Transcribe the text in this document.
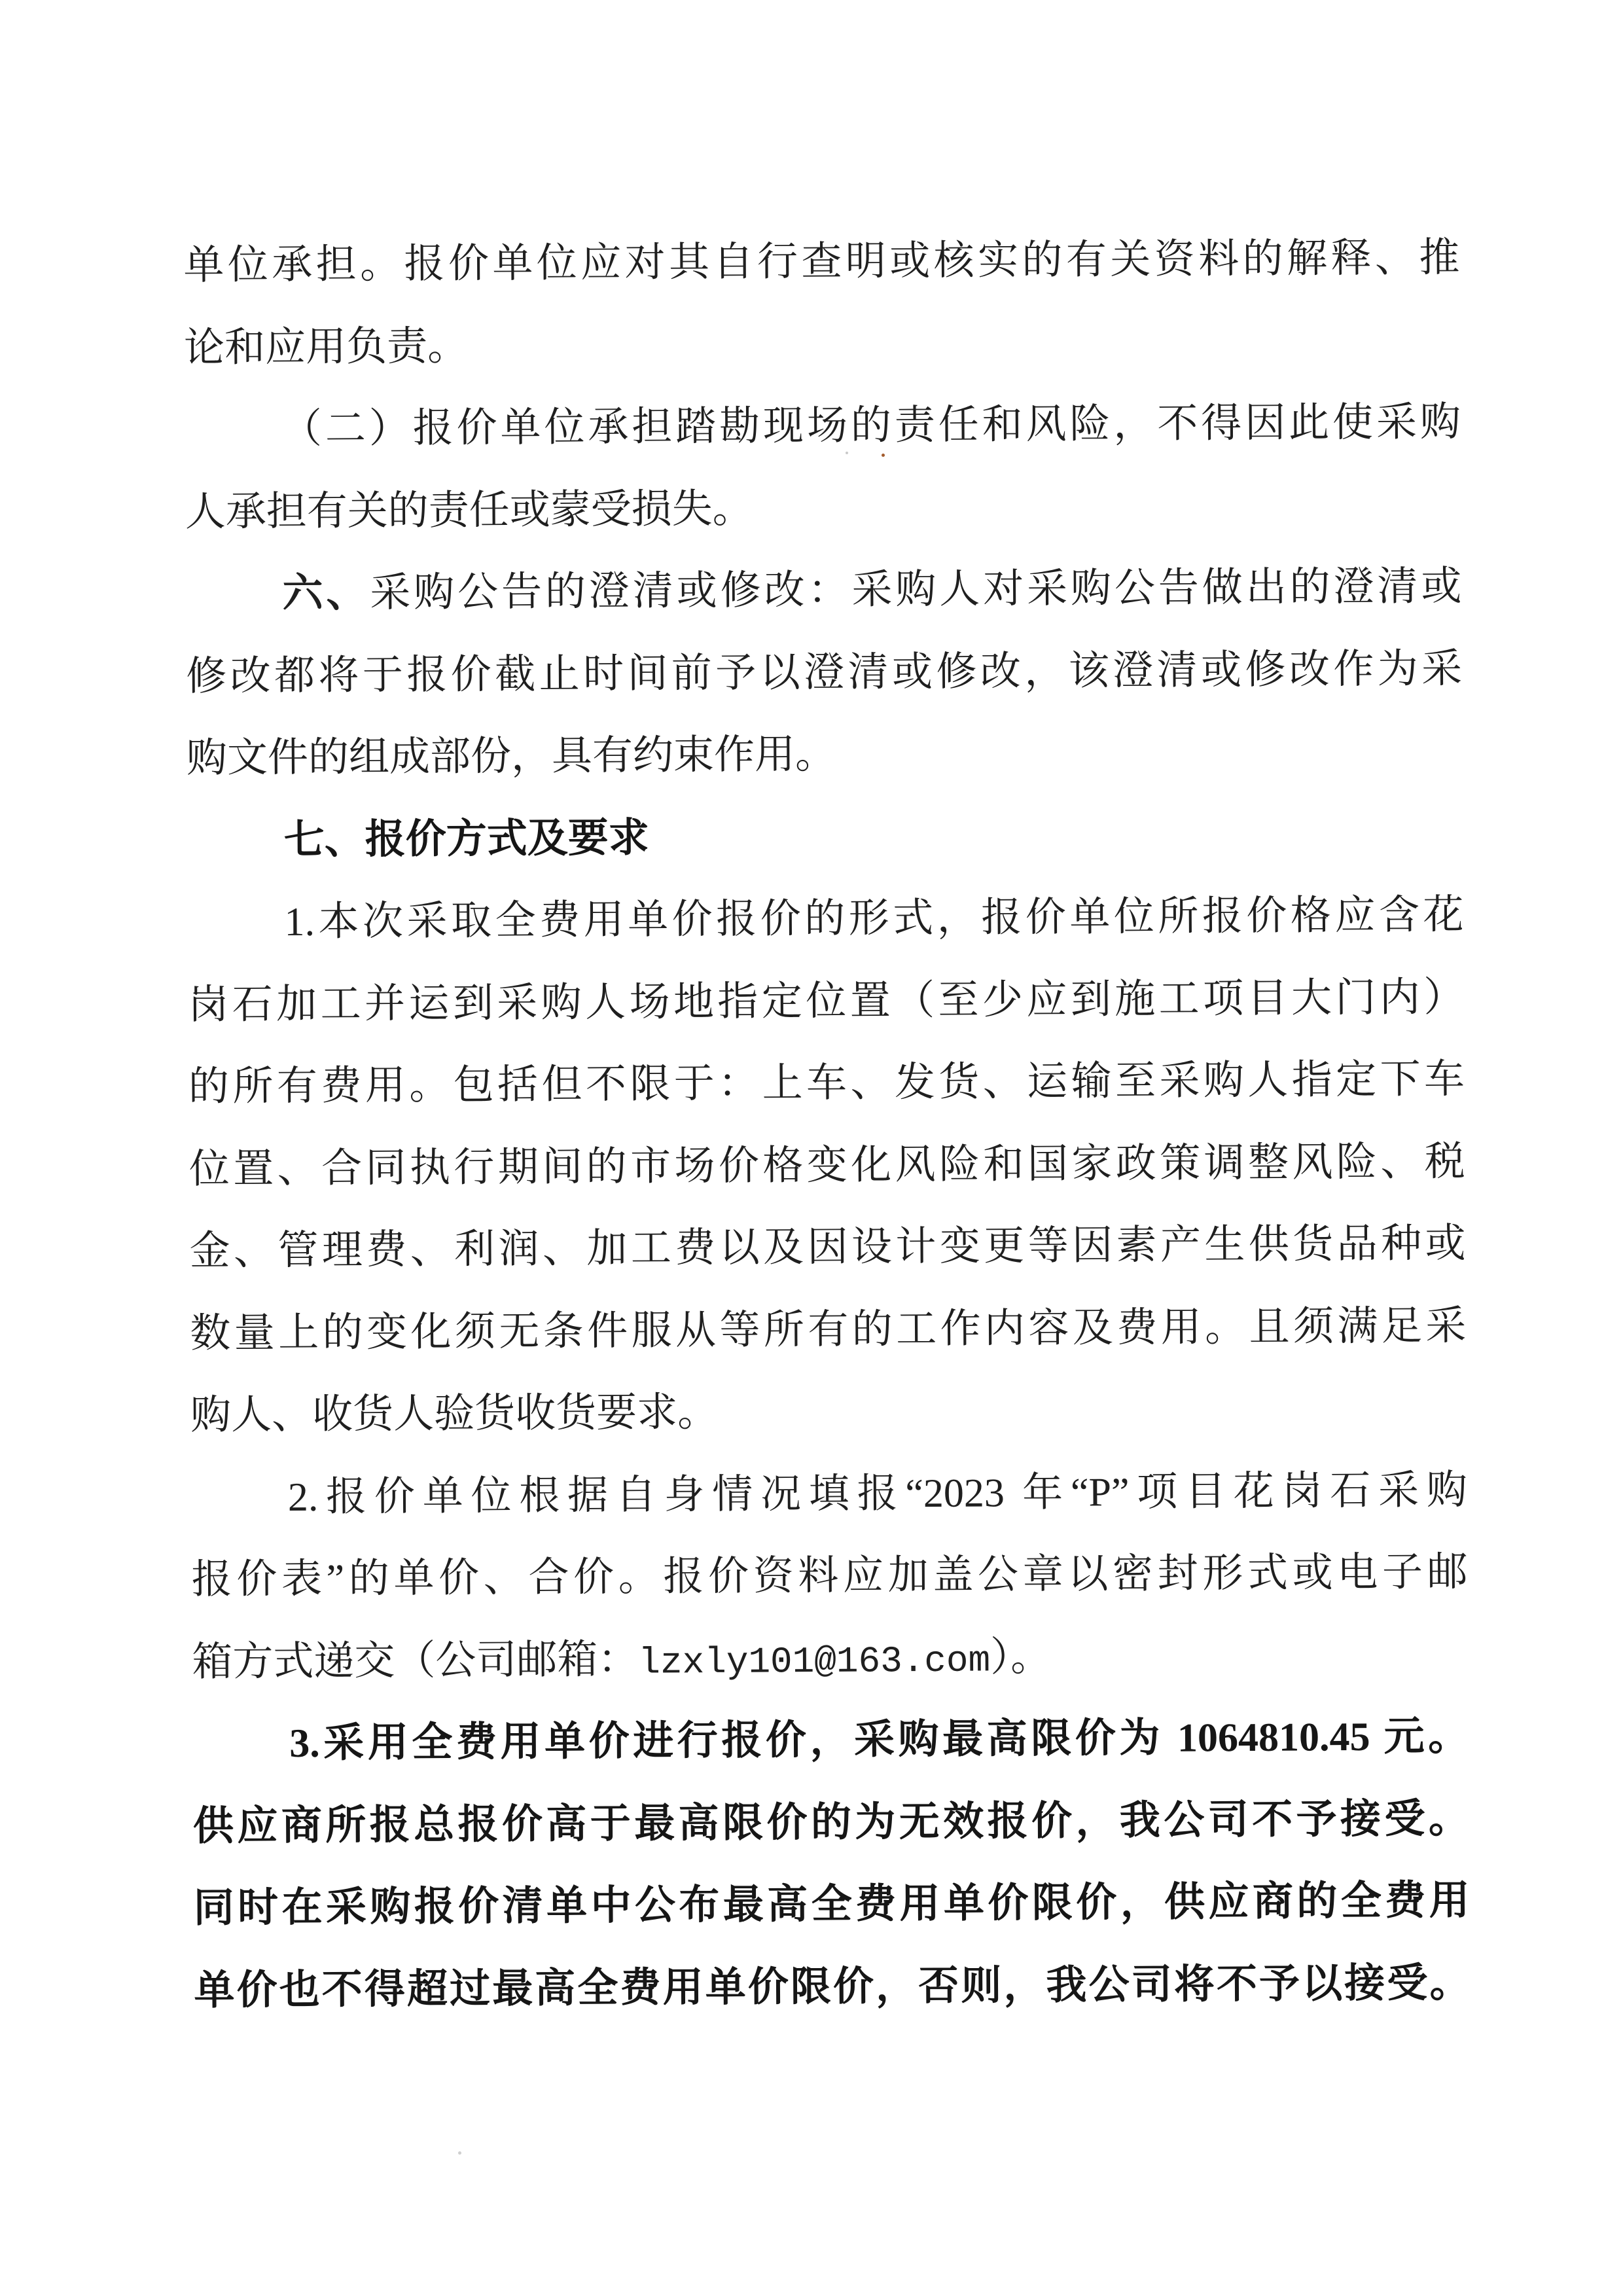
单位承担。报价单位应对其自行查明或核实的有关资料的解释、推
论和应用负责。
（二）报价单位承担踏勘现场的责任和风险，不得因此使采购
人承担有关的责任或蒙受损失。
六、采购公告的澄清或修改：采购人对采购公告做出的澄清或
修改都将于报价截止时间前予以澄清或修改，该澄清或修改作为采
购文件的组成部份，具有约束作用。
七、报价方式及要求
1.本次采取全费用单价报价的形式，报价单位所报价格应含花
岗石加工并运到采购人场地指定位置（至少应到施工项目大门内）
的所有费用。包括但不限于：上车、发货、运输至采购人指定下车
位置、合同执行期间的市场价格变化风险和国家政策调整风险、税
金、管理费、利润、加工费以及因设计变更等因素产生供货品种或
数量上的变化须无条件服从等所有的工作内容及费用。且须满足采
购人、收货人验货收货要求。
2.报价单位根据自身情况填报“2023 年“P”项目花岗石采购
报价表”的单价、合价。报价资料应加盖公章以密封形式或电子邮
箱方式递交（公司邮箱：lzxly101@163.com）。
3.采用全费用单价进行报价，采购最高限价为 1064810.45 元。
供应商所报总报价高于最高限价的为无效报价，我公司不予接受。
同时在采购报价清单中公布最高全费用单价限价，供应商的全费用
单价也不得超过最高全费用单价限价，否则，我公司将不予以接受。
